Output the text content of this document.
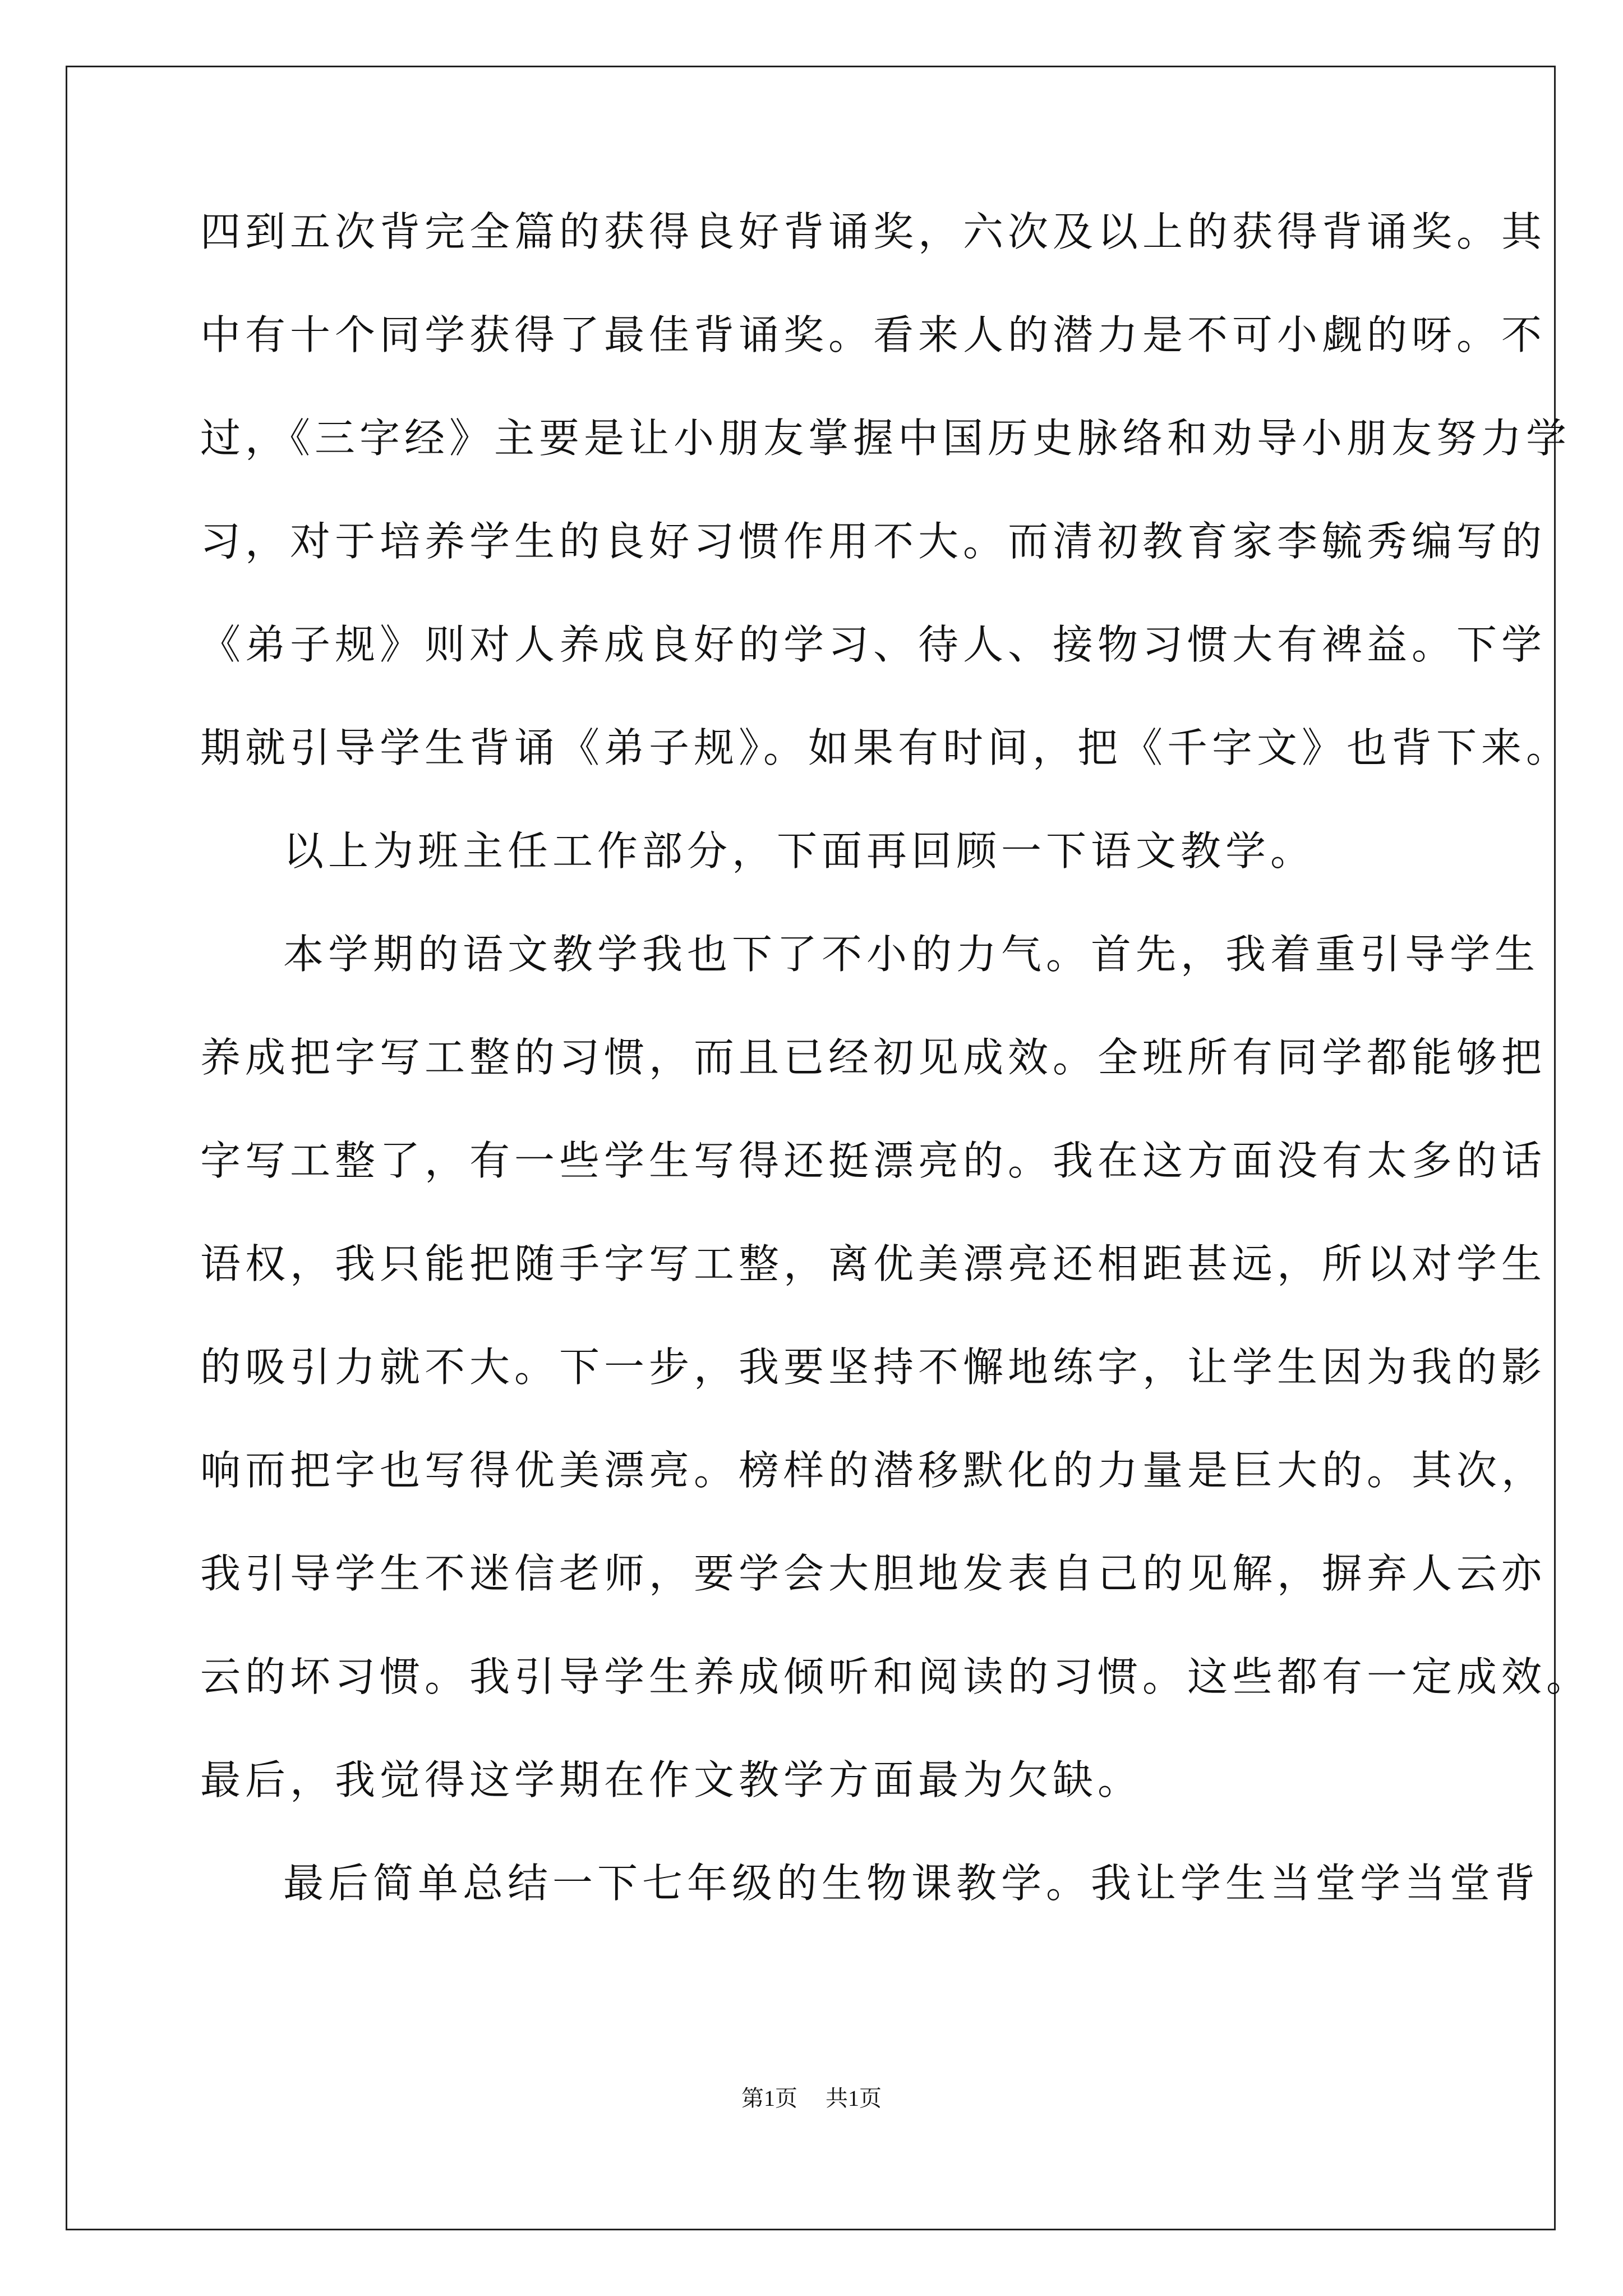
四到五次背完全篇的获得良好背诵奖，六次及以上的获得背诵奖。其
中有十个同学获得了最佳背诵奖。看来人的潜力是不可小觑的呀。不
过，《三字经》主要是让小朋友掌握中国历史脉络和劝导小朋友努力学
习，对于培养学生的良好习惯作用不大。而清初教育家李毓秀编写的
《弟子规》则对人养成良好的学习、待人、接物习惯大有裨益。下学
期就引导学生背诵《弟子规》。如果有时间，把《千字文》也背下来。
以上为班主任工作部分，下面再回顾一下语文教学。
本学期的语文教学我也下了不小的力气。首先，我着重引导学生
养成把字写工整的习惯，而且已经初见成效。全班所有同学都能够把
字写工整了，有一些学生写得还挺漂亮的。我在这方面没有太多的话
语权，我只能把随手字写工整，离优美漂亮还相距甚远，所以对学生
的吸引力就不大。下一步，我要坚持不懈地练字，让学生因为我的影
响而把字也写得优美漂亮。榜样的潜移默化的力量是巨大的。其次，
我引导学生不迷信老师，要学会大胆地发表自己的见解，摒弃人云亦
云的坏习惯。我引导学生养成倾听和阅读的习惯。这些都有一定成效。
最后，我觉得这学期在作文教学方面最为欠缺。
最后简单总结一下七年级的生物课教学。我让学生当堂学当堂背
第1页 共1页
